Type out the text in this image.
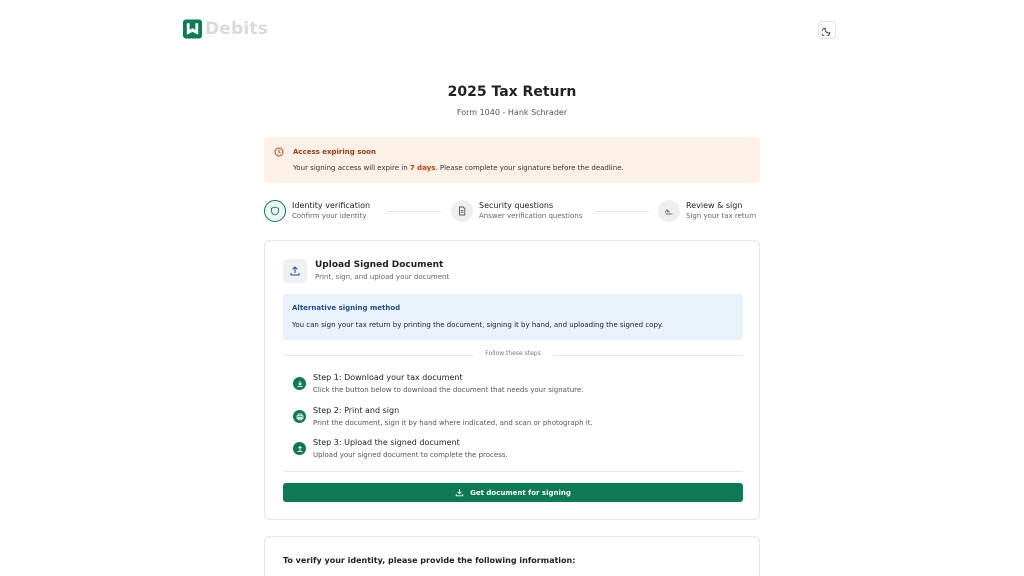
Debits
2025 Tax Return
Form 1040 - Hank Schrader
Access expiring soon
Your signing access will expire in 7 days. Please complete your signature before the deadline.
Identity verification
Confirm your identity
Security questions
Answer verification questions
Review & sign
Sign your tax return
Upload Signed Document
Print, sign, and upload your document
Alternative signing method
You can sign your tax return by printing the document, signing it by hand, and uploading the signed copy.
Follow these steps
Step 1: Download your tax document
Click the button below to download the document that needs your signature.
Step 2: Print and sign
Print the document, sign it by hand where indicated, and scan or photograph it.
Step 3: Upload the signed document
Upload your signed document to complete the process.
Get document for signing
To verify your identity, please provide the following information:
